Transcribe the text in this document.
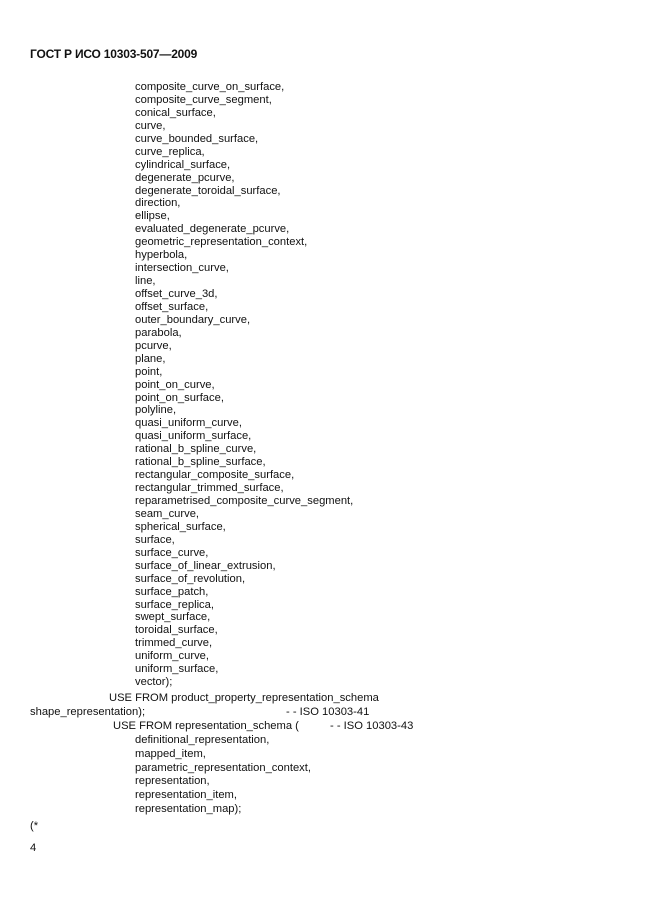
ГОСТ Р ИСО 10303-507—2009
composite_curve_on_surface,
composite_curve_segment,
conical_surface,
curve,
curve_bounded_surface,
curve_replica,
cylindrical_surface,
degenerate_pcurve,
degenerate_toroidal_surface,
direction,
ellipse,
evaluated_degenerate_pcurve,
geometric_representation_context,
hyperbola,
intersection_curve,
line,
offset_curve_3d,
offset_surface,
outer_boundary_curve,
parabola,
pcurve,
plane,
point,
point_on_curve,
point_on_surface,
polyline,
quasi_uniform_curve,
quasi_uniform_surface,
rational_b_spline_curve,
rational_b_spline_surface,
rectangular_composite_surface,
rectangular_trimmed_surface,
reparametrised_composite_curve_segment,
seam_curve,
spherical_surface,
surface,
surface_curve,
surface_of_linear_extrusion,
surface_of_revolution,
surface_patch,
surface_replica,
swept_surface,
toroidal_surface,
trimmed_curve,
uniform_curve,
uniform_surface,
vector);
USE FROM product_property_representation_schema
shape_representation);	- - ISO 10303-41
USE FROM representation_schema (	- - ISO 10303-43
definitional_representation,
mapped_item,
parametric_representation_context,
representation,
representation_item,
representation_map);
(*
4
